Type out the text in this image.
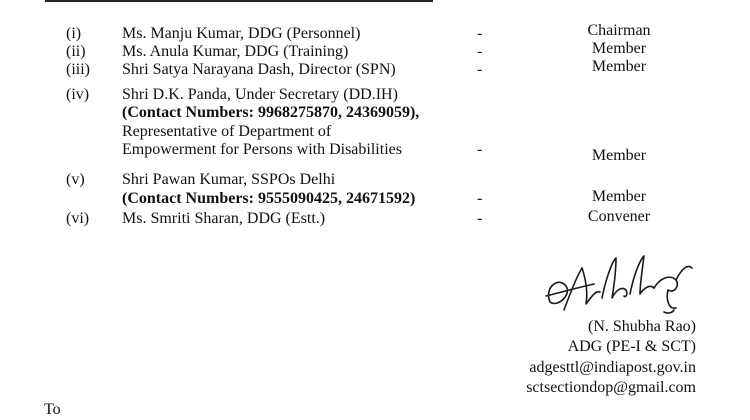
(i)	Ms. Manju Kumar, DDG (Personnel)	-	Chairman
(ii) Ms. Anula Kumar, DDG (Training)	-	Member
(iii) Shri Satya Narayana Dash, Director (SPN)	-	Member
(iv) Shri D.K. Panda, Under Secretary (DD.IH)
(Contact Numbers: 9968275870, 24369059),
Representative of Department of
Empowerment for Persons with Disabilities	-	Member
(v) Shri Pawan Kumar, SSPOs Delhi
(Contact Numbers: 9555090425, 24671592)	-	Member
(vi) Ms. Smriti Sharan, DDG (Estt.)	-	Convener
(N. Shubha Rao)
ADG (PE-I & SCT)
adgesttl@indiapost.gov.in
sctsectiondop@gmail.com
To
